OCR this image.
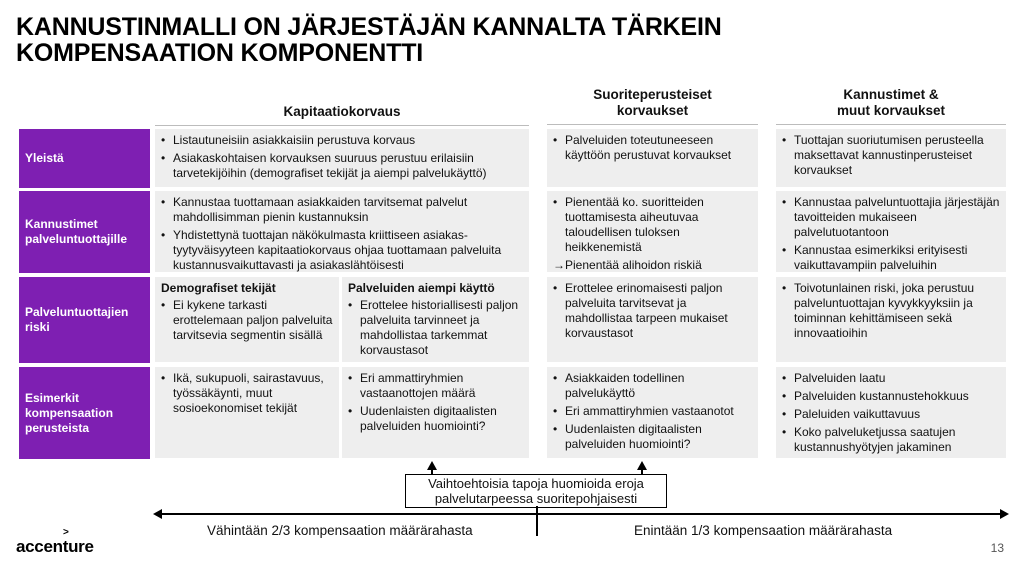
KANNUSTINMALLI ON JÄRJESTÄJÄN KANNALTA TÄRKEIN
KOMPENSAATION KOMPONENTTI
Kapitaatiokorvaus
Suoriteperusteiset
korvaukset
Kannustimet &
muut korvaukset
Yleistä
Kannustimet palveluntuottajille
Palveluntuottajien riski
Esimerkit kompensaation perusteista
• Listautuneisiin asiakkaisiin perustuva korvaus
• Asiakaskohtaisen korvauksen suuruus perustuu erilaisiin tarvetekijöihin (demografiset tekijät ja aiempi palvelukäyttö)
• Palveluiden toteutuneeseen käyttöön perustuvat korvaukset
• Tuottajan suoriutumisen perusteella maksettavat kannustinperusteiset korvaukset
• Kannustaa tuottamaan asiakkaiden tarvitsemat palvelut mahdollisimman pienin kustannuksin
• Yhdistettynä tuottajan näkökulmasta kriittiseen asiakas- tyytyväisyyteen kapitaatiokorvaus ohjaa tuottamaan palveluita kustannusvaikuttavasti ja asiakaslähtöisesti
• Pienentää ko. suoritteiden tuottamisesta aiheutuvaa taloudellisen tuloksen heikkenemistä
→ Pienentää alihoidon riskiä
• Kannustaa palveluntuottajia järjestäjän tavoitteiden mukaiseen palvelutuotantoon
• Kannustaa esimerkiksi erityisesti vaikuttavampiin palveluihin
Demografiset tekijät
• Ei kykene tarkasti erottelemaan paljon palveluita tarvitsevia segmentin sisällä
Palveluiden aiempi käyttö
• Erottelee historiallisesti paljon palveluita tarvinneet ja mahdollistaa tarkemmat korvaustasot
• Erottelee erinomaisesti paljon palveluita tarvitsevat ja mahdollistaa tarpeen mukaiset korvaustasot
• Toivotunlainen riski, joka perustuu palveluntuottajan kyvykkyyksiin ja toiminnan kehittämiseen sekä innovaatioihin
• Ikä, sukupuoli, sairastavuus, työssäkäynti, muut sosioekonomiset tekijät
• Eri ammattiryhmien vastaanottojen määrä
• Uudenlaisten digitaalisten palveluiden huomiointi?
• Asiakkaiden todellinen palvelukäyttö
• Eri ammattiryhmien vastaanotot
• Uudenlaisten digitaalisten palveluiden huomiointi?
• Palveluiden laatu
• Palveluiden kustannustehokkuus
• Paleluiden vaikuttavuus
• Koko palveluketjussa saatujen kustannushyötyjen jakaminen
Vaihtoehtoisia tapoja huomioida eroja
palvelutarpeessa suoritepohjaisesti
Vähintään 2/3 kompensaation määrärahasta	Enintään 1/3 kompensaation määrärahasta
>
accenture	13
